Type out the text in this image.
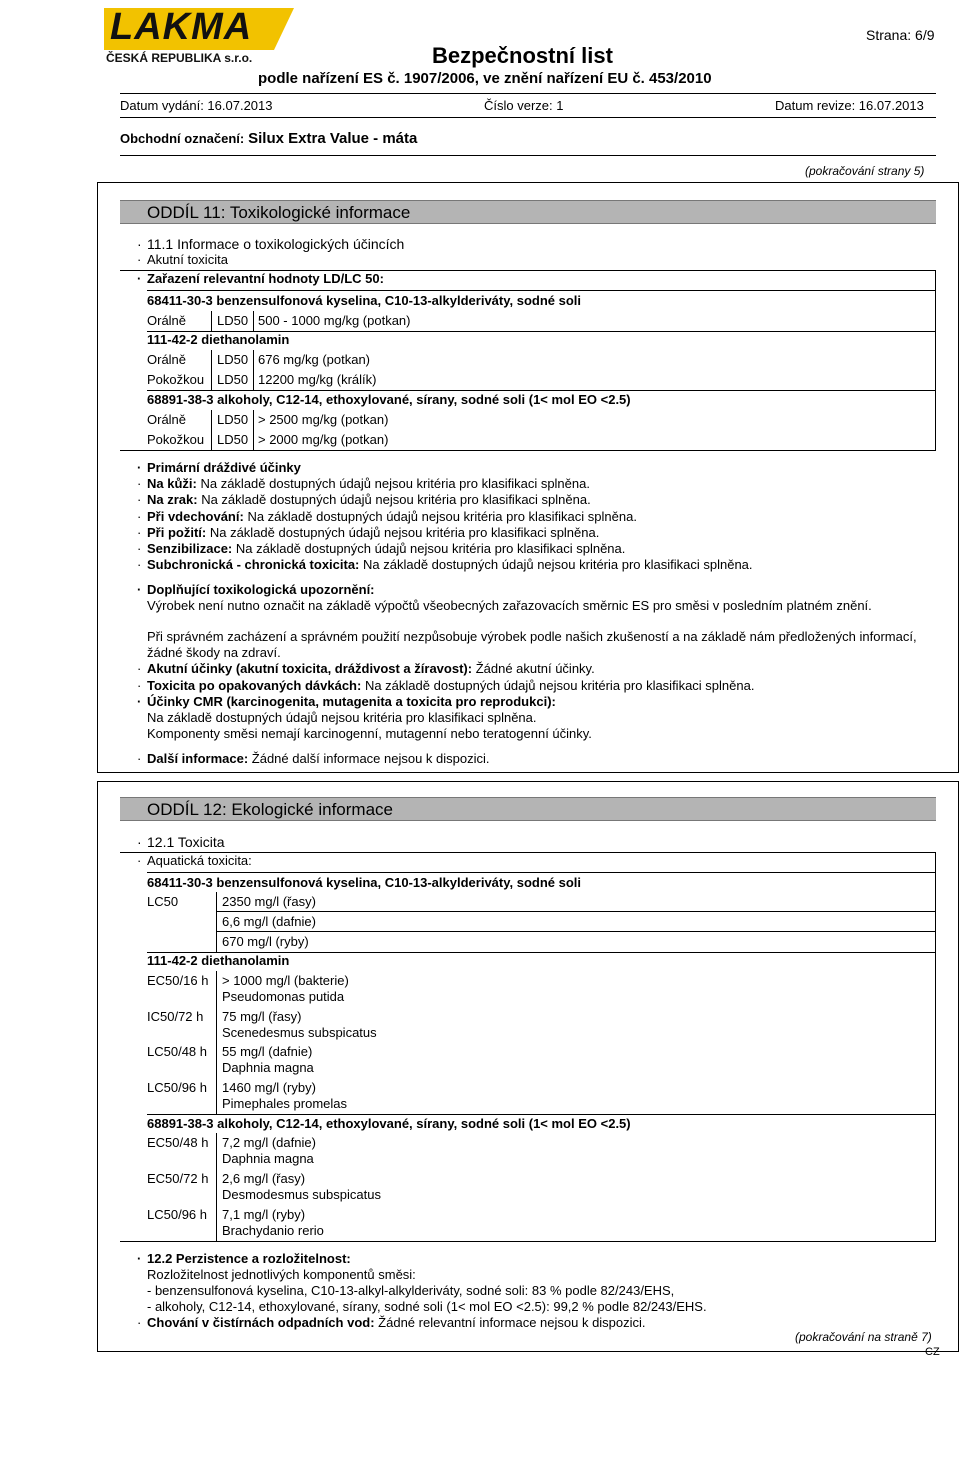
LAKMA
ČESKÁ REPUBLIKA s.r.o.
Strana: 6/9
Bezpečnostní list
podle nařízení ES č. 1907/2006, ve znění nařízení EU č. 453/2010
Datum vydání: 16.07.2013	Číslo verze: 1	Datum revize: 16.07.2013
Obchodní označení: Silux Extra Value - máta
(pokračování strany 5)
ODDÍL 11: Toxikologické informace
· 11.1 Informace o toxikologických účincích
· Akutní toxicita
· Zařazení relevantní hodnoty LD/LC 50:
68411-30-3 benzensulfonová kyselina, C10-13-alkylderiváty, sodné soli
Orálně LD50 500 - 1000 mg/kg (potkan)
111-42-2 diethanolamin
Orálně LD50 676 mg/kg (potkan)
Pokožkou LD50 12200 mg/kg (králík)
68891-38-3 alkoholy, C12-14, ethoxylované, sírany, sodné soli (1< mol EO <2.5)
Orálně LD50 > 2500 mg/kg (potkan)
Pokožkou LD50 > 2000 mg/kg (potkan)
· Primární dráždivé účinky
· Na kůži: Na základě dostupných údajů nejsou kritéria pro klasifikaci splněna.
· Na zrak: Na základě dostupných údajů nejsou kritéria pro klasifikaci splněna.
· Při vdechování: Na základě dostupných údajů nejsou kritéria pro klasifikaci splněna.
· Při požití: Na základě dostupných údajů nejsou kritéria pro klasifikaci splněna.
· Senzibilizace: Na základě dostupných údajů nejsou kritéria pro klasifikaci splněna.
· Subchronická - chronická toxicita: Na základě dostupných údajů nejsou kritéria pro klasifikaci splněna.
· Doplňující toxikologická upozornění:
Výrobek není nutno označit na základě výpočtů všeobecných zařazovacích směrnic ES pro směsi v posledním platném znění.
Při správném zacházení a správném použití nezpůsobuje výrobek podle našich zkušeností a na základě nám předložených informací, žádné škody na zdraví.
· Akutní účinky (akutní toxicita, dráždivost a žíravost): Žádné akutní účinky.
· Toxicita po opakovaných dávkách: Na základě dostupných údajů nejsou kritéria pro klasifikaci splněna.
· Účinky CMR (karcinogenita, mutagenita a toxicita pro reprodukci):
Na základě dostupných údajů nejsou kritéria pro klasifikaci splněna.
Komponenty směsi nemají karcinogenní, mutagenní nebo teratogenní účinky.
· Další informace: Žádné další informace nejsou k dispozici.
ODDÍL 12: Ekologické informace
· 12.1 Toxicita
· Aquatická toxicita:
68411-30-3 benzensulfonová kyselina, C10-13-alkylderiváty, sodné soli
LC50	2350 mg/l (řasy)
6,6 mg/l (dafnie)
670 mg/l (ryby)
111-42-2 diethanolamin
EC50/16 h > 1000 mg/l (bakterie)
Pseudomonas putida
IC50/72 h 75 mg/l (řasy)
Scenedesmus subspicatus
LC50/48 h 55 mg/l (dafnie)
Daphnia magna
LC50/96 h 1460 mg/l (ryby)
Pimephales promelas
68891-38-3 alkoholy, C12-14, ethoxylované, sírany, sodné soli (1< mol EO <2.5)
EC50/48 h 7,2 mg/l (dafnie)
Daphnia magna
EC50/72 h 2,6 mg/l (řasy)
Desmodesmus subspicatus
LC50/96 h 7,1 mg/l (ryby)
Brachydanio rerio
· 12.2 Perzistence a rozložitelnost:
Rozložitelnost jednotlivých komponentů směsi:
- benzensulfonová kyselina, C10-13-alkyl-alkylderiváty, sodné soli: 83 % podle 82/243/EHS,
- alkoholy, C12-14, ethoxylované, sírany, sodné soli (1< mol EO <2.5): 99,2 % podle 82/243/EHS.
· Chování v čistírnách odpadních vod: Žádné relevantní informace nejsou k dispozici.
(pokračování na straně 7)
CZ
